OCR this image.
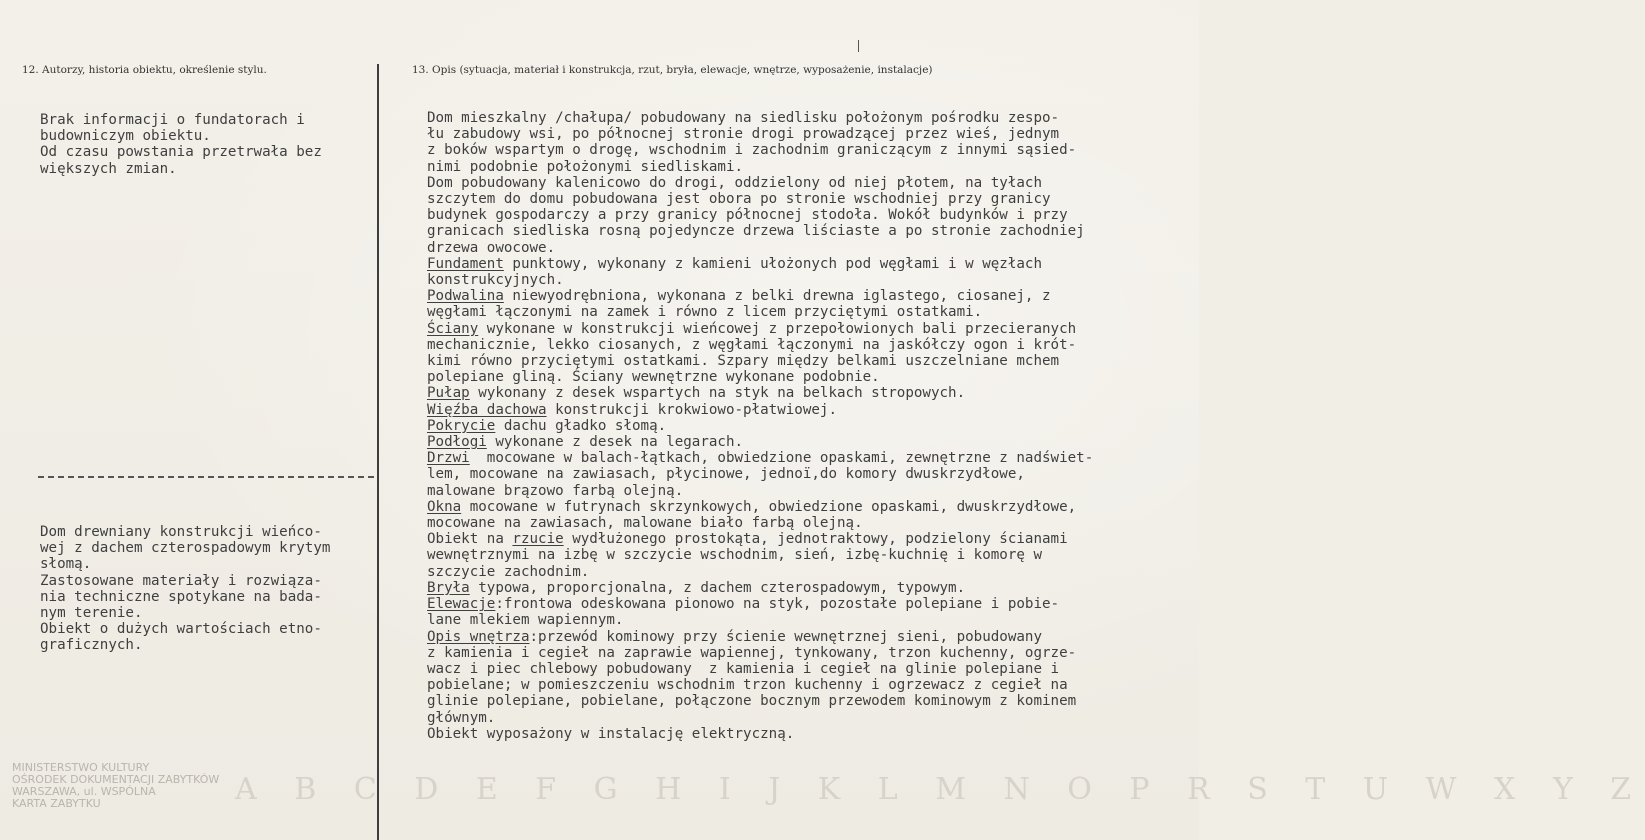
12. Autorzy, historia obiektu, określenie stylu.	13. Opis (sytuacja, materiał i konstrukcja, rzut, bryła, elewacje, wnętrze, wyposażenie, instalacje)
Brak informacji o fundatorach i
budowniczym obiektu.
Od czasu powstania przetrwała bez
większych zmian.
Dom drewniany konstrukcji wieńco-
wej z dachem czterospadowym krytym
słomą.
Zastosowane materiały i rozwiąza-
nia techniczne spotykane na bada-
nym terenie.
Obiekt o dużych wartościach etno-
graficznych.
Dom mieszkalny /chałupa/ pobudowany na siedlisku położonym pośrodku zespo-
łu zabudowy wsi, po północnej stronie drogi prowadzącej przez wieś, jednym
z boków wspartym o drogę, wschodnim i zachodnim graniczącym z innymi sąsied-
nimi podobnie położonymi siedliskami.
Dom pobudowany kalenicowo do drogi, oddzielony od niej płotem, na tyłach
szczytem do domu pobudowana jest obora po stronie wschodniej przy granicy
budynek gospodarczy a przy granicy północnej stodoła. Wokół budynków i przy
granicach siedliska rosną pojedyncze drzewa liściaste a po stronie zachodniej
drzewa owocowe.
Fundament punktowy, wykonany z kamieni ułożonych pod węgłami i w węzłach
konstrukcyjnych.
Podwalina niewyodrębniona, wykonana z belki drewna iglastego, ciosanej, z
węgłami łączonymi na zamek i równo z licem przyciętymi ostatkami.
Ściany wykonane w konstrukcji wieńcowej z przepołowionych bali przecieranych
mechanicznie, lekko ciosanych, z węgłami łączonymi na jaskółczy ogon i krót-
kimi równo przyciętymi ostatkami. Szpary między belkami uszczelniane mchem
polepiane gliną. Ściany wewnętrzne wykonane podobnie.
Pułap wykonany z desek wspartych na styk na belkach stropowych.
Więźba dachowa konstrukcji krokwiowo-płatwiowej.
Pokrycie dachu gładko słomą.
Podłogi wykonane z desek na legarach.
Drzwi  mocowane w balach-łątkach, obwiedzione opaskami, zewnętrzne z nadświet-
lem, mocowane na zawiasach, płycinowe, jednoï,do komory dwuskrzydłowe,
malowane brązowo farbą olejną.
Okna mocowane w futrynach skrzynkowych, obwiedzione opaskami, dwuskrzydłowe,
mocowane na zawiasach, malowane biało farbą olejną.
Obiekt na rzucie wydłużonego prostokąta, jednotraktowy, podzielony ścianami
wewnętrznymi na izbę w szczycie wschodnim, sień, izbę-kuchnię i komorę w
szczycie zachodnim.
Bryła typowa, proporcjonalna, z dachem czterospadowym, typowym.
Elewacje:frontowa odeskowana pionowo na styk, pozostałe polepiane i pobie-
lane mlekiem wapiennym.
Opis wnętrza:przewód kominowy przy ścienie wewnętrznej sieni, pobudowany
z kamienia i cegieł na zaprawie wapiennej, tynkowany, trzon kuchenny, ogrze-
wacz i piec chlebowy pobudowany  z kamienia i cegieł na glinie polepiane i
pobielane; w pomieszczeniu wschodnim trzon kuchenny i ogrzewacz z cegieł na
glinie polepiane, pobielane, połączone bocznym przewodem kominowym z kominem
głównym.
Obiekt wyposażony w instalację elektryczną.
MINISTERSTWO KULTURY
OŚRODEK DOKUMENTACJI ZABYTKÓW
WARSZAWA, ul. WSPÓLNA
KARTA ZABYTKU	A B C D E F G H I J K L M N O P R S T U W X Y Z
